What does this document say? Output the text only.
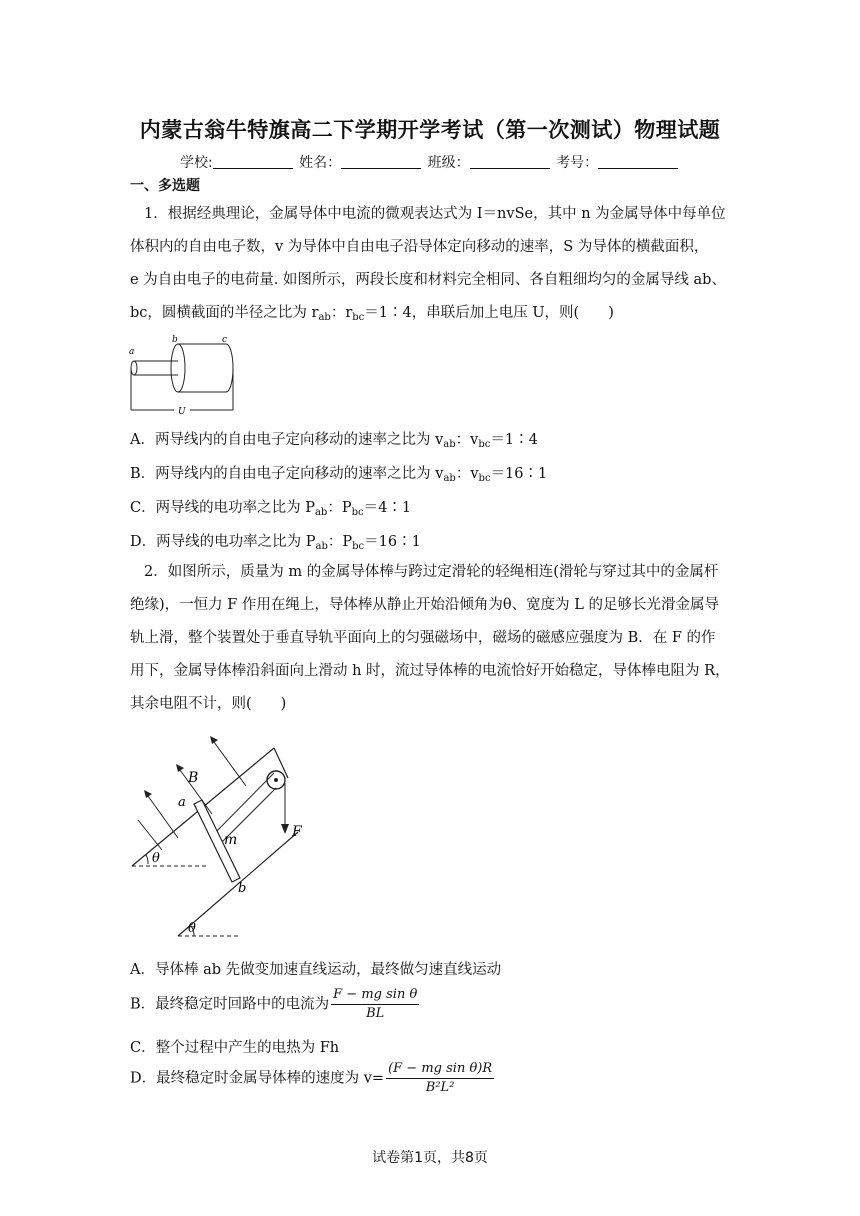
内蒙古翁牛特旗高二下学期开学考试（第一次测试）物理试题
学校:	姓名：	班级：	考号：
一、多选题
1．根据经典理论，金属导体中电流的微观表达式为 I＝nvSe，其中 n 为金属导体中每单位
体积内的自由电子数，v 为导体中自由电子沿导体定向移动的速率，S 为导体的横截面积，
e 为自由电子的电荷量. 如图所示，两段长度和材料完全相同、各自粗细均匀的金属导线 ab、
bc，圆横截面的半径之比为 $r_{ab}$：$r_{bc}=1∶4$，串联后加上电压 U，则(　　)
a
b	c
U
A．两导线内的自由电子定向移动的速率之比为 $v_{ab}$：$v_{bc}=1∶4$
B．两导线内的自由电子定向移动的速率之比为 $v_{ab}$：$v_{bc}=16∶1$
C．两导线的电功率之比为 $P_{ab}$：$P_{bc}=4∶1$
D．两导线的电功率之比为 $P_{ab}$：$P_{bc}=16∶1$
2．如图所示，质量为 m 的金属导体棒与跨过定滑轮的轻绳相连(滑轮与穿过其中的金属杆
绝缘)，一恒力 F 作用在绳上，导体棒从静止开始沿倾角为θ、宽度为 L 的足够长光滑金属导
轨上滑，整个装置处于垂直导轨平面向上的匀强磁场中，磁场的磁感应强度为 B．在 F 的作
用下，金属导体棒沿斜面向上滑动 h 时，流过导体棒的电流恰好开始稳定，导体棒电阻为 R，
其余电阻不计，则(　　)
B
a
m	F
b
θ
θ
A．导体棒 ab 先做变加速直线运动，最终做匀速直线运动
B．最终稳定时回路中的电流为 $\frac{\text{F − mg sin θ}}{BL}$
C．整个过程中产生的电热为 Fh
D．最终稳定时金属导体棒的速度为 $v= \frac{\text{(F − mg sin θ)R}}{\text{B²L²}}$
试卷第1页，共8页
